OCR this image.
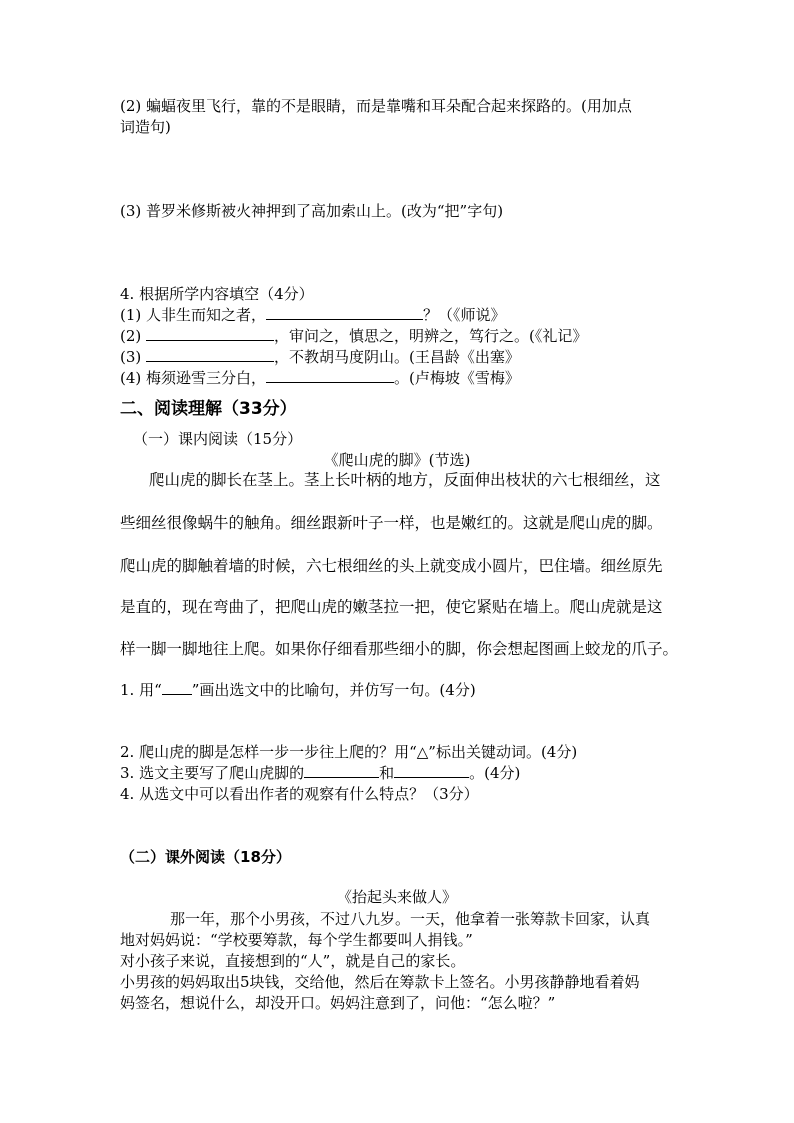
(2) 蝙蝠夜里飞行，靠的不是眼睛，而是靠嘴和耳朵配合起来探路的。(用加点
词造句)
(3) 普罗米修斯被火神押到了高加索山上。(改为“把”字句)
4. 根据所学内容填空（4分）
(1) 人非生而知之者，	？（《师说》
(2)	，审问之，慎思之，明辨之，笃行之。(《礼记》
(3)	，不教胡马度阴山。(王昌龄《出塞》
(4) 梅须逊雪三分白，	。(卢梅坡《雪梅》
二、阅读理解（33分）
（一）课内阅读（15分）
《爬山虎的脚》(节选)
爬山虎的脚长在茎上。茎上长叶柄的地方，反面伸出枝状的六七根细丝，这
些细丝很像蜗牛的触角。细丝跟新叶子一样，也是嫩红的。这就是爬山虎的脚。
爬山虎的脚触着墙的时候，六七根细丝的头上就变成小圆片，巴住墙。细丝原先
是直的，现在弯曲了，把爬山虎的嫩茎拉一把，使它紧贴在墙上。爬山虎就是这
样一脚一脚地往上爬。如果你仔细看那些细小的脚，你会想起图画上蛟龙的爪子。
1. 用“ ”画出选文中的比喻句，并仿写一句。(4分)
2. 爬山虎的脚是怎样一步一步往上爬的？用“△”标出关键动词。(4分)
3. 选文主要写了爬山虎脚的	和	。(4分)
4. 从选文中可以看出作者的观察有什么特点？（3分）
（二）课外阅读（18分）
《抬起头来做人》
那一年，那个小男孩，不过八九岁。一天，他拿着一张筹款卡回家，认真
地对妈妈说：“学校要筹款，每个学生都要叫人捐钱。”
对小孩子来说，直接想到的“人”，就是自己的家长。
小男孩的妈妈取出5块钱，交给他，然后在筹款卡上签名。小男孩静静地看着妈
妈签名，想说什么，却没开口。妈妈注意到了，问他：“怎么啦？”
